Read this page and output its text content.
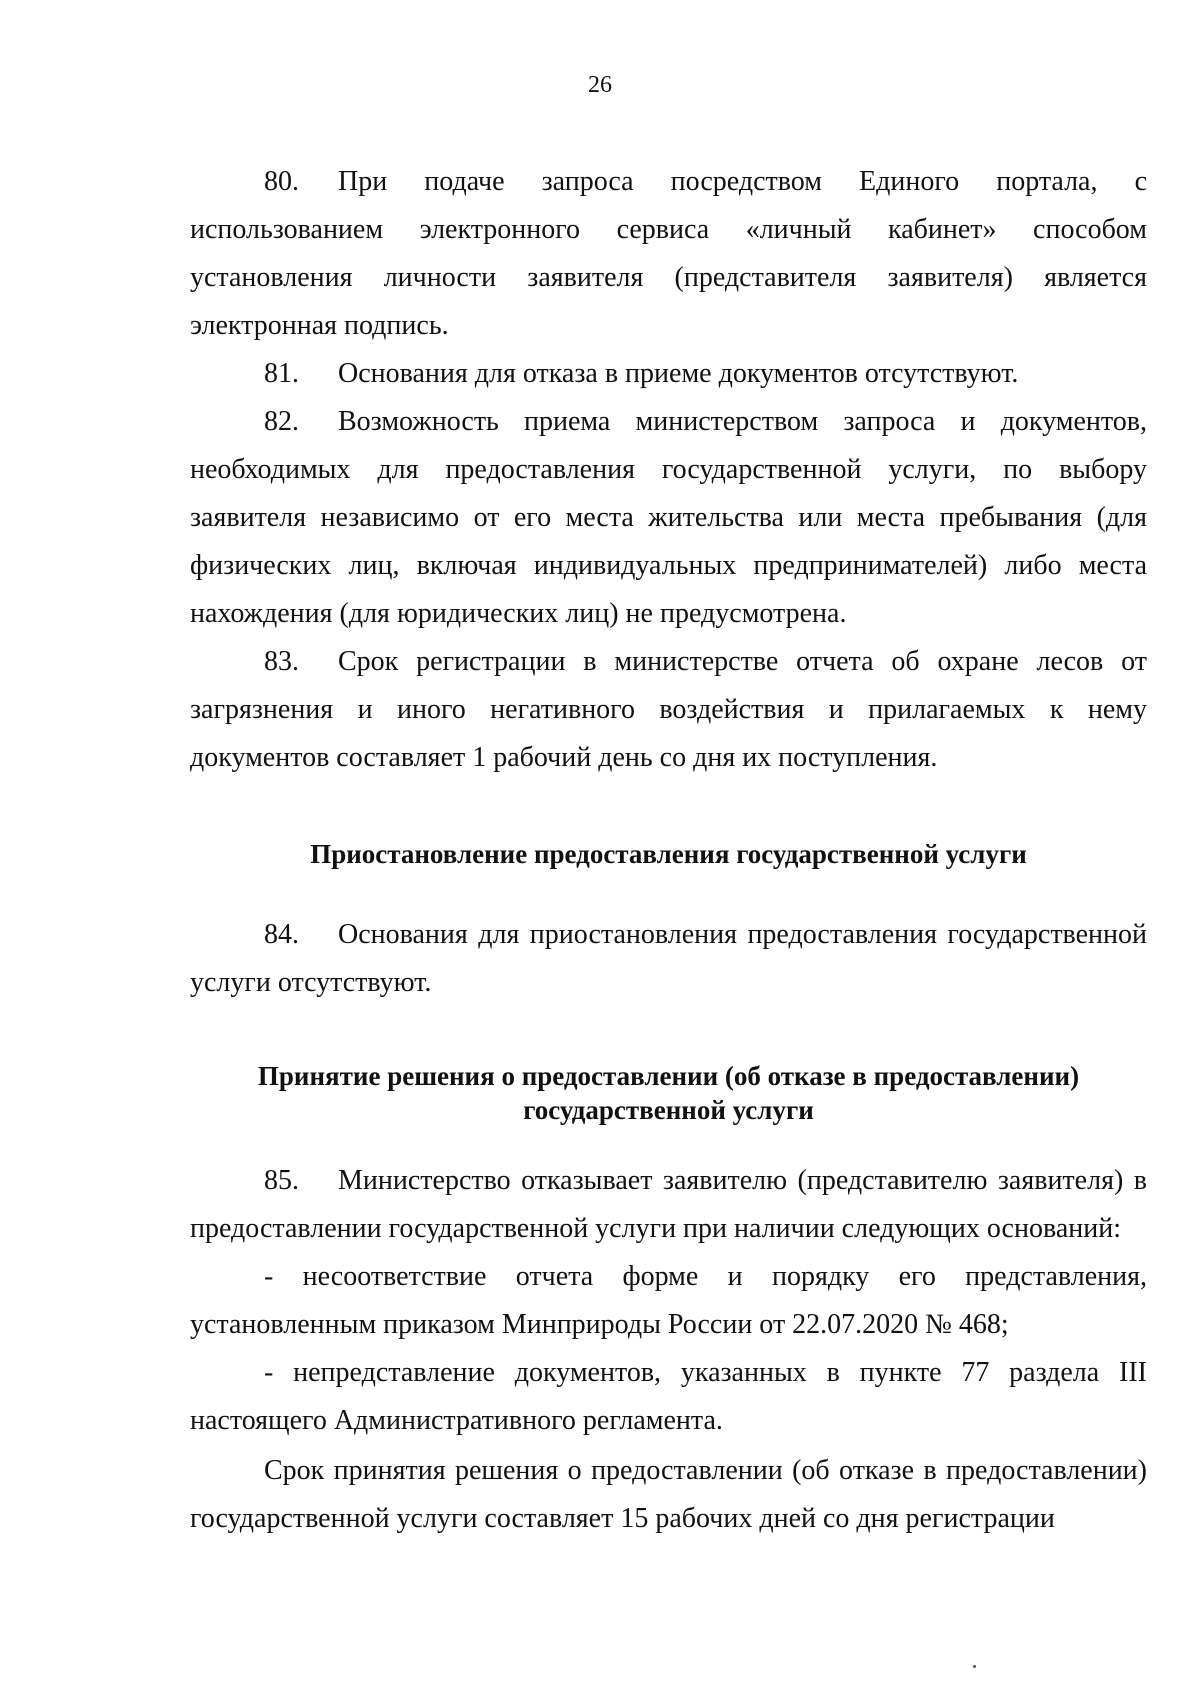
26

80. При подаче запроса посредством Единого портала, с использованием электронного сервиса «личный кабинет» способом установления личности заявителя (представителя заявителя) является электронная подпись.

81. Основания для отказа в приеме документов отсутствуют.

82. Возможность приема министерством запроса и документов, необходимых для предоставления государственной услуги, по выбору заявителя независимо от его места жительства или места пребывания (для физических лиц, включая индивидуальных предпринимателей) либо места нахождения (для юридических лиц) не предусмотрена.

83. Срок регистрации в министерстве отчета об охране лесов от загрязнения и иного негативного воздействия и прилагаемых к нему документов составляет 1 рабочий день со дня их поступления.

Приостановление предоставления государственной услуги

84. Основания для приостановления предоставления государственной услуги отсутствуют.

Принятие решения о предоставлении (об отказе в предоставлении)
государственной услуги

85. Министерство отказывает заявителю (представителю заявителя) в предоставлении государственной услуги при наличии следующих оснований:

- несоответствие отчета форме и порядку его представления, установленным приказом Минприроды России от 22.07.2020 № 468;

- непредставление документов, указанных в пункте 77 раздела III настоящего Административного регламента.

Срок принятия решения о предоставлении (об отказе в предоставлении) государственной услуги составляет 15 рабочих дней со дня регистрации
